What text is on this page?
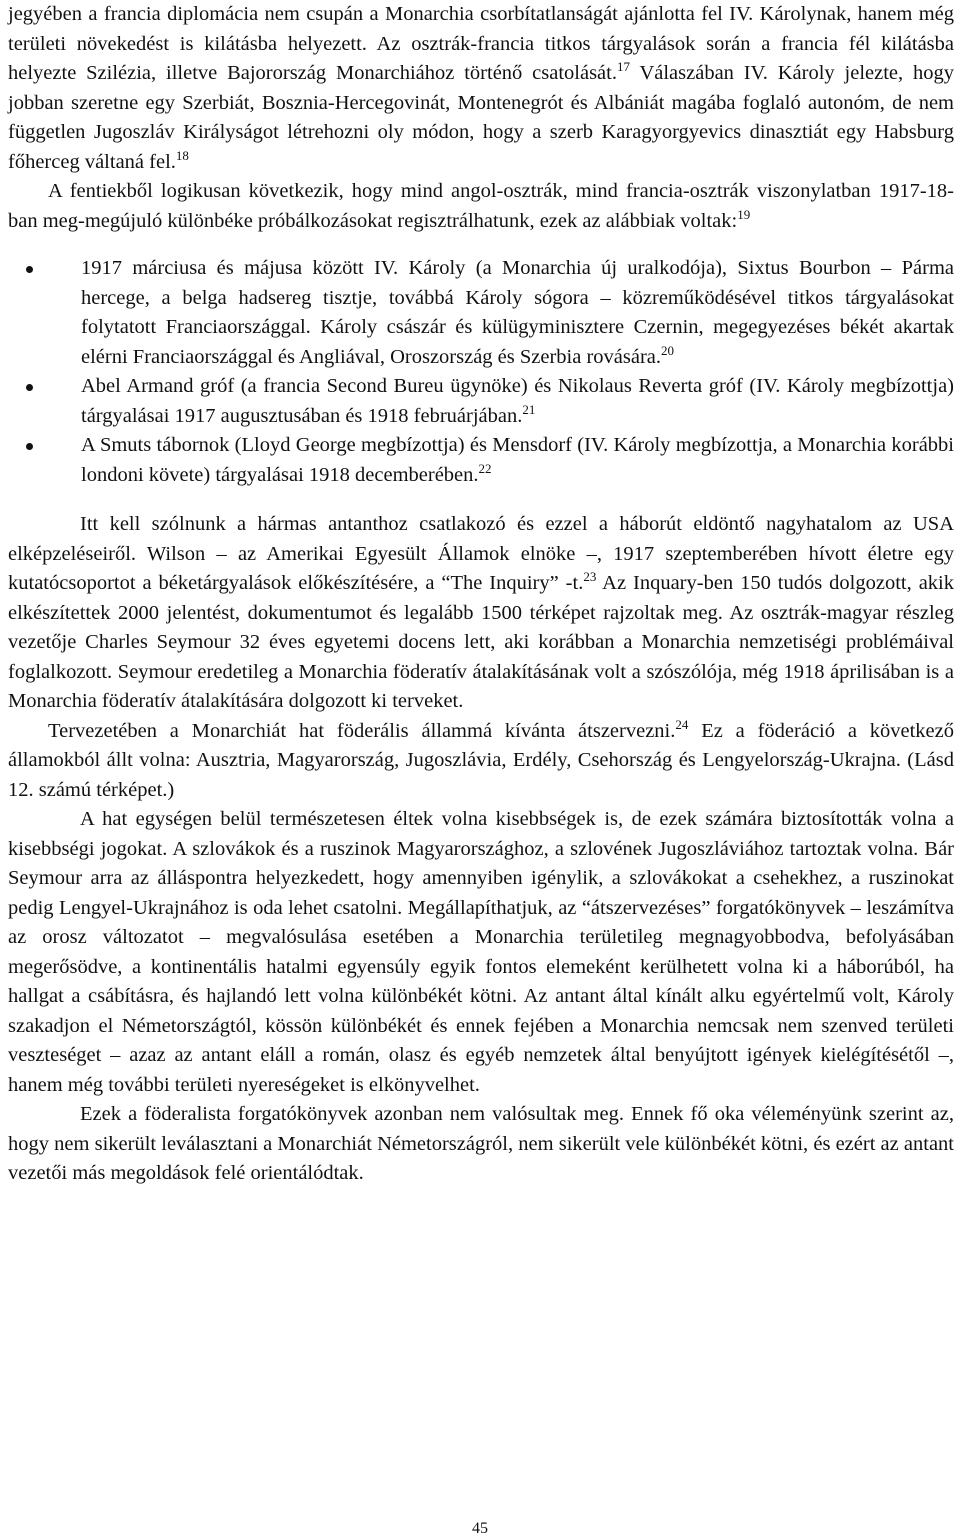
jegyében a francia diplomácia nem csupán a Monarchia csorbítatlanságát ajánlotta fel IV. Károlynak, hanem még területi növekedést is kilátásba helyezett. Az osztrák-francia titkos tárgyalások során a francia fél kilátásba helyezte Szilézia, illetve Bajorország Monarchiához történő csatolását.$^{17}$ Válaszában IV. Károly jelezte, hogy jobban szeretne egy Szerbiát, Bosznia-Hercegovinát, Montenegrót és Albániát magába foglaló autonóm, de nem független Jugoszláv Királyságot létrehozni oly módon, hogy a szerb Karagyorgyevics dinasztiát egy Habsburg főherceg váltaná fel.$^{18}$

A fentiekből logikusan következik, hogy mind angol-osztrák, mind francia-osztrák viszonylatban 1917-18-ban meg-megújuló különbéke próbálkozásokat regisztrálhatunk, ezek az alábbiak voltak:$^{19}$

1917 márciusa és májusa között IV. Károly (a Monarchia új uralkodója), Sixtus Bourbon – Párma hercege, a belga hadsereg tisztje, továbbá Károly sógora – közreműködésével titkos tárgyalásokat folytatott Franciaországgal. Károly császár és külügyminisztere Czernin, megegyezéses békét akartak elérni Franciaországgal és Angliával, Oroszország és Szerbia rovására.$^{20}$
Abel Armand gróf (a francia Second Bureu ügynöke) és Nikolaus Reverta gróf (IV. Károly megbízottja) tárgyalásai 1917 augusztusában és 1918 februárjában.$^{21}$
A Smuts tábornok (Lloyd George megbízottja) és Mensdorf (IV. Károly megbízottja, a Monarchia korábbi londoni követe) tárgyalásai 1918 decemberében.$^{22}$

Itt kell szólnunk a hármas antanthoz csatlakozó és ezzel a háborút eldöntő nagyhatalom az USA elképzeléseiről. Wilson – az Amerikai Egyesült Államok elnöke –, 1917 szeptemberében hívott életre egy kutatócsoportot a béketárgyalások előkészítésére, a “The Inquiry” -t.$^{23}$ Az Inquary-ben 150 tudós dolgozott, akik elkészítettek 2000 jelentést, dokumentumot és legalább 1500 térképet rajzoltak meg. Az osztrák-magyar részleg vezetője Charles Seymour 32 éves egyetemi docens lett, aki korábban a Monarchia nemzetiségi problémáival foglalkozott. Seymour eredetileg a Monarchia föderatív átalakításának volt a szószólója, még 1918 áprilisában is a Monarchia föderatív átalakítására dolgozott ki terveket.

Tervezetében a Monarchiát hat föderális állammá kívánta átszervezni.$^{24}$ Ez a föderáció a következő államokból állt volna: Ausztria, Magyarország, Jugoszlávia, Erdély, Csehország és Lengyelország-Ukrajna. (Lásd 12. számú térképet.)

A hat egységen belül természetesen éltek volna kisebbségek is, de ezek számára biztosították volna a kisebbségi jogokat. A szlovákok és a ruszinok Magyarországhoz, a szlovének Jugoszláviához tartoztak volna. Bár Seymour arra az álláspontra helyezkedett, hogy amennyiben igénylik, a szlovákokat a csehekhez, a ruszinokat pedig Lengyel-Ukrajnához is oda lehet csatolni. Megállapíthatjuk, az “átszervezéses” forgatókönyvek – leszámítva az orosz változatot – megvalósulása esetében a Monarchia területileg megnagyobbodva, befolyásában megerősödve, a kontinentális hatalmi egyensúly egyik fontos elemeként kerülhetett volna ki a háborúból, ha hallgat a csábításra, és hajlandó lett volna különbékét kötni. Az antant által kínált alku egyértelmű volt, Károly szakadjon el Németországtól, kössön különbékét és ennek fejében a Monarchia nemcsak nem szenved területi veszteséget – azaz az antant eláll a román, olasz és egyéb nemzetek által benyújtott igények kielégítésétől –, hanem még további területi nyereségeket is elkönyvelhet.

Ezek a föderalista forgatókönyvek azonban nem valósultak meg. Ennek fő oka véleményünk szerint az, hogy nem sikerült leválasztani a Monarchiát Németországról, nem sikerült vele különbékét kötni, és ezért az antant vezetői más megoldások felé orientálódtak.

45
